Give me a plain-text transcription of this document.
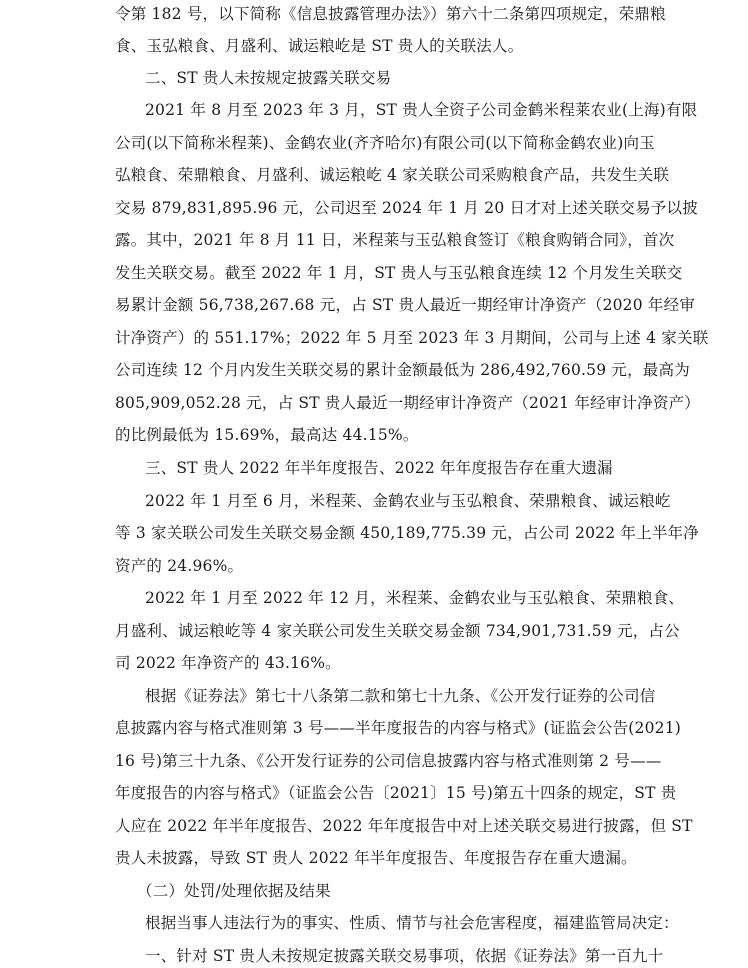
令第 182 号，以下简称《信息披露管理办法》）第六十二条第四项规定，荣鼎粮
食、玉弘粮食、月盛利、诚运粮屹是 ST 贵人的关联法人。
二、ST 贵人未按规定披露关联交易
2021 年 8 月至 2023 年 3 月，ST 贵人全资子公司金鹤米程莱农业(上海)有限
公司(以下简称米程莱)、金鹤农业(齐齐哈尔)有限公司(以下简称金鹤农业)向玉
弘粮食、荣鼎粮食、月盛利、诚运粮屹 4 家关联公司采购粮食产品，共发生关联
交易 879,831,895.96 元，公司迟至 2024 年 1 月 20 日才对上述关联交易予以披
露。其中，2021 年 8 月 11 日，米程莱与玉弘粮食签订《粮食购销合同》，首次
发生关联交易。截至 2022 年 1 月，ST 贵人与玉弘粮食连续 12 个月发生关联交
易累计金额 56,738,267.68 元，占 ST 贵人最近一期经审计净资产（2020 年经审
计净资产）的 551.17%；2022 年 5 月至 2023 年 3 月期间，公司与上述 4 家关联
公司连续 12 个月内发生关联交易的累计金额最低为 286,492,760.59 元，最高为
805,909,052.28 元，占 ST 贵人最近一期经审计净资产（2021 年经审计净资产）
的比例最低为 15.69%，最高达 44.15%。
三、ST 贵人 2022 年半年度报告、2022 年年度报告存在重大遗漏
2022 年 1 月至 6 月，米程莱、金鹤农业与玉弘粮食、荣鼎粮食、诚运粮屹
等 3 家关联公司发生关联交易金额 450,189,775.39 元，占公司 2022 年上半年净
资产的 24.96%。
2022 年 1 月至 2022 年 12 月，米程莱、金鹤农业与玉弘粮食、荣鼎粮食、
月盛利、诚运粮屹等 4 家关联公司发生关联交易金额 734,901,731.59 元，占公
司 2022 年净资产的 43.16%。
根据《证券法》第七十八条第二款和第七十九条、《公开发行证券的公司信
息披露内容与格式准则第 3 号——半年度报告的内容与格式》(证监会公告(2021)
16 号)第三十九条、《公开发行证券的公司信息披露内容与格式准则第 2 号——
年度报告的内容与格式》（证监会公告〔2021〕15 号)第五十四条的规定，ST 贵
人应在 2022 年半年度报告、2022 年年度报告中对上述关联交易进行披露，但 ST
贵人未披露，导致 ST 贵人 2022 年半年度报告、年度报告存在重大遗漏。
（二）处罚/处理依据及结果
根据当事人违法行为的事实、性质、情节与社会危害程度，福建监管局决定：
一、针对 ST 贵人未按规定披露关联交易事项，依据《证券法》第一百九十
